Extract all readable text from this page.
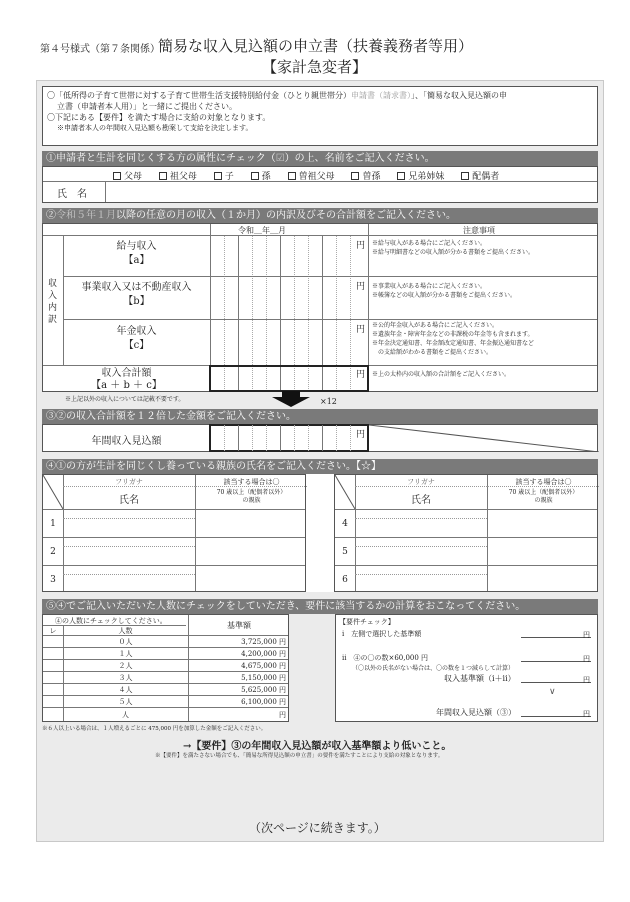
第４号様式（第７条関係）
簡易な収入見込額の申立書（扶養義務者等用）
【家計急変者】
〇「低所得の子育て世帯に対する子育て世帯生活支援特別給付金（ひとり親世帯分）申請書（請求書）」、「簡易な収入見込額の申
立書（申請者本人用）」と一緒にご提出ください。
〇下記にある【要件】を満たす場合に支給の対象となります。
※申請者本人の年間収入見込額も勘案して支給を決定します。
①申請者と生計を同じくする方の属性にチェック（☑）の上、名前をご記入ください。
父母	祖父母	子	孫	曽祖父母	曽孫	兄弟姉妹	配偶者
氏　名
②令和５年１月以降の任意の月の収入（１か月）の内訳及びその合計額をご記入ください。
令和＿年＿月	注意事項
収
入
内
訳
給与収入
【a】
円 ※給与収入がある場合にご記入ください。
※給与明細書などの収入額が分かる書類をご提出ください。
事業収入又は不動産収入
【b】
円 ※事業収入がある場合にご記入ください。
※帳簿などの収入額が分かる書類をご提出ください。
年金収入
【c】
円 ※公的年金収入がある場合にご記入ください。
※遺族年金・障害年金などの非課税の年金等も含まれます。
※年金決定通知書、年金額改定通知書、年金振込通知書など
　の支給額がわかる書類をご提出ください。
収入合計額
【a ＋ b ＋ c】
円 ※上の太枠内の収入額の合計額をご記入ください。
※上記以外の収入については記載不要です。	×12
③②の収入合計額を１２倍した金額をご記入ください。
年間収入見込額
円
④①の方が生計を同じくし養っている親族の氏名をご記入ください。【☆】
フリガナ
氏名
該当する場合は〇
70 歳以上（配偶者以外）
の親族
1
2
3
フリガナ
氏名
該当する場合は〇
70 歳以上（配偶者以外）
の親族
4
5
6
⑤④でご記入いただいた人数にチェックをしていただき、要件に該当するかの計算をおこなってください。
④の人数にチェックしてください。	基準額
レ	人数
０人	3,725,000 円
１人	4,200,000 円
２人	4,675,000 円
３人	5,150,000 円
４人	5,625,000 円
５人	6,100,000 円
人	円
※６人以上いる場合は、１人増えるごとに 475,000 円を加算した金額をご記入ください。
【要件チェック】
ⅰ　左側で選択した基準額	円
ⅱ　④の〇の数×60,000 円	円
（〇以外の氏名がない場合は、〇の数を１つ減らして計算）
収入基準額（ⅰ＋ⅱ）	円
∨
年間収入見込額（③）	円
→【要件】③の年間収入見込額が収入基準額より低いこと。
※【要件】を満たさない場合でも、「簡易な所得見込額の申立書」の要件を満たすことにより支給の対象となります。
（次ページに続きます。）
